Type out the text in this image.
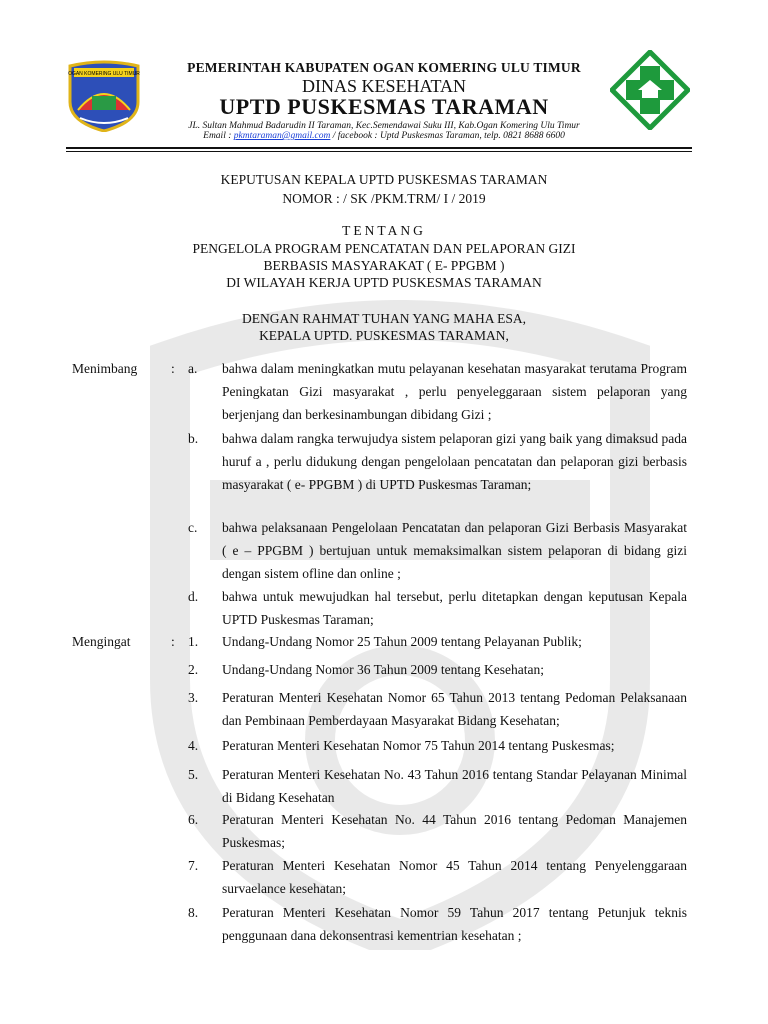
OGAN KOMERING ULU TIMUR	PEMERINTAH KABUPATEN OGAN KOMERING ULU TIMUR
DINAS KESEHATAN
UPTD PUSKESMAS TARAMAN
JL. Sultan Mahmud Badarudin II Taraman, Kec.Semendawai Suku III, Kab.Ogan Komering Ulu Timur
Email : pkmtaraman@gmail.com / facebook : Uptd Puskesmas Taraman, telp. 0821 8688 6600
KEPUTUSAN KEPALA UPTD PUSKESMAS TARAMAN
NOMOR : / SK /PKM.TRM/ I / 2019
TENTANG
PENGELOLA PROGRAM PENCATATAN DAN PELAPORAN GIZI
BERBASIS MASYARAKAT ( E- PPGBM )
DI WILAYAH KERJA UPTD PUSKESMAS TARAMAN
DENGAN RAHMAT TUHAN YANG MAHA ESA,
KEPALA UPTD. PUSKESMAS TARAMAN,
Menimbang	: a. bahwa dalam meningkatkan mutu pelayanan kesehatan masyarakat terutama Program Peningkatan Gizi masyarakat , perlu penyeleggaraan sistem pelaporan yang berjenjang dan berkesinambungan dibidang Gizi ;
b. bahwa dalam rangka terwujudya sistem pelaporan gizi yang baik yang dimaksud pada huruf a , perlu didukung dengan pengelolaan pencatatan dan pelaporan gizi berbasis masyarakat ( e- PPGBM ) di UPTD Puskesmas Taraman;
c. bahwa pelaksanaan Pengelolaan Pencatatan dan pelaporan Gizi Berbasis Masyarakat ( e – PPGBM ) bertujuan untuk memaksimalkan sistem pelaporan di bidang gizi dengan sistem ofline dan online ;
d. bahwa untuk mewujudkan hal tersebut, perlu ditetapkan dengan keputusan Kepala UPTD Puskesmas Taraman;
Mengingat	: 1. Undang-Undang Nomor 25 Tahun 2009 tentang Pelayanan Publik;
2. Undang-Undang Nomor 36 Tahun 2009 tentang Kesehatan;
3. Peraturan Menteri Kesehatan Nomor 65 Tahun 2013 tentang Pedoman Pelaksanaan dan Pembinaan Pemberdayaan Masyarakat Bidang Kesehatan;
4. Peraturan Menteri Kesehatan Nomor 75 Tahun 2014 tentang Puskesmas;
5. Peraturan Menteri Kesehatan No. 43 Tahun 2016 tentang Standar Pelayanan Minimal di Bidang Kesehatan
6. Peraturan Menteri Kesehatan No. 44 Tahun 2016 tentang Pedoman Manajemen Puskesmas;
7. Peraturan Menteri Kesehatan Nomor 45 Tahun 2014 tentang Penyelenggaraan survaelance kesehatan;
8. Peraturan Menteri Kesehatan Nomor 59 Tahun 2017 tentang Petunjuk teknis penggunaan dana dekonsentrasi kementrian kesehatan ;
